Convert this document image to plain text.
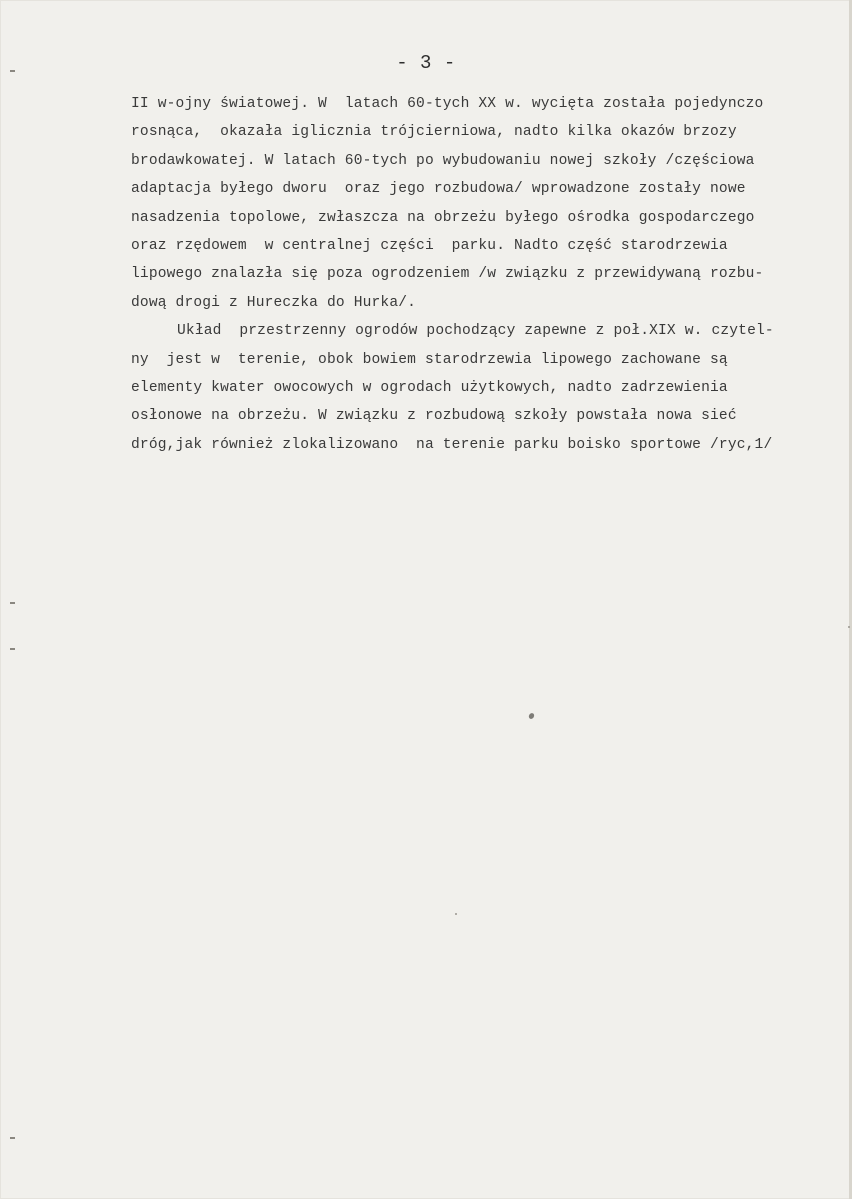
- 3 -
II w-ojny światowej. W  latach 60-tych XX w. wycięta została pojedynczo
rosnąca,  okazała iglicznia trójcierniowa, nadto kilka okazów brzozy
brodawkowatej. W latach 60-tych po wybudowaniu nowej szkoły /częściowa
adaptacja byłego dworu  oraz jego rozbudowa/ wprowadzone zostały nowe
nasadzenia topolowe, zwłaszcza na obrzeżu byłego ośrodka gospodarczego
oraz rzędowem  w centralnej części  parku. Nadto część starodrzewia
lipowego znalazła się poza ogrodzeniem /w związku z przewidywaną rozbu-
dową drogi z Hureczka do Hurka/.
Układ  przestrzenny ogrodów pochodzący zapewne z poł.XIX w. czytel-
ny  jest w  terenie, obok bowiem starodrzewia lipowego zachowane są
elementy kwater owocowych w ogrodach użytkowych, nadto zadrzewienia
osłonowe na obrzeżu. W związku z rozbudową szkoły powstała nowa sieć
dróg,jak również zlokalizowano  na terenie parku boisko sportowe /ryc,1/
